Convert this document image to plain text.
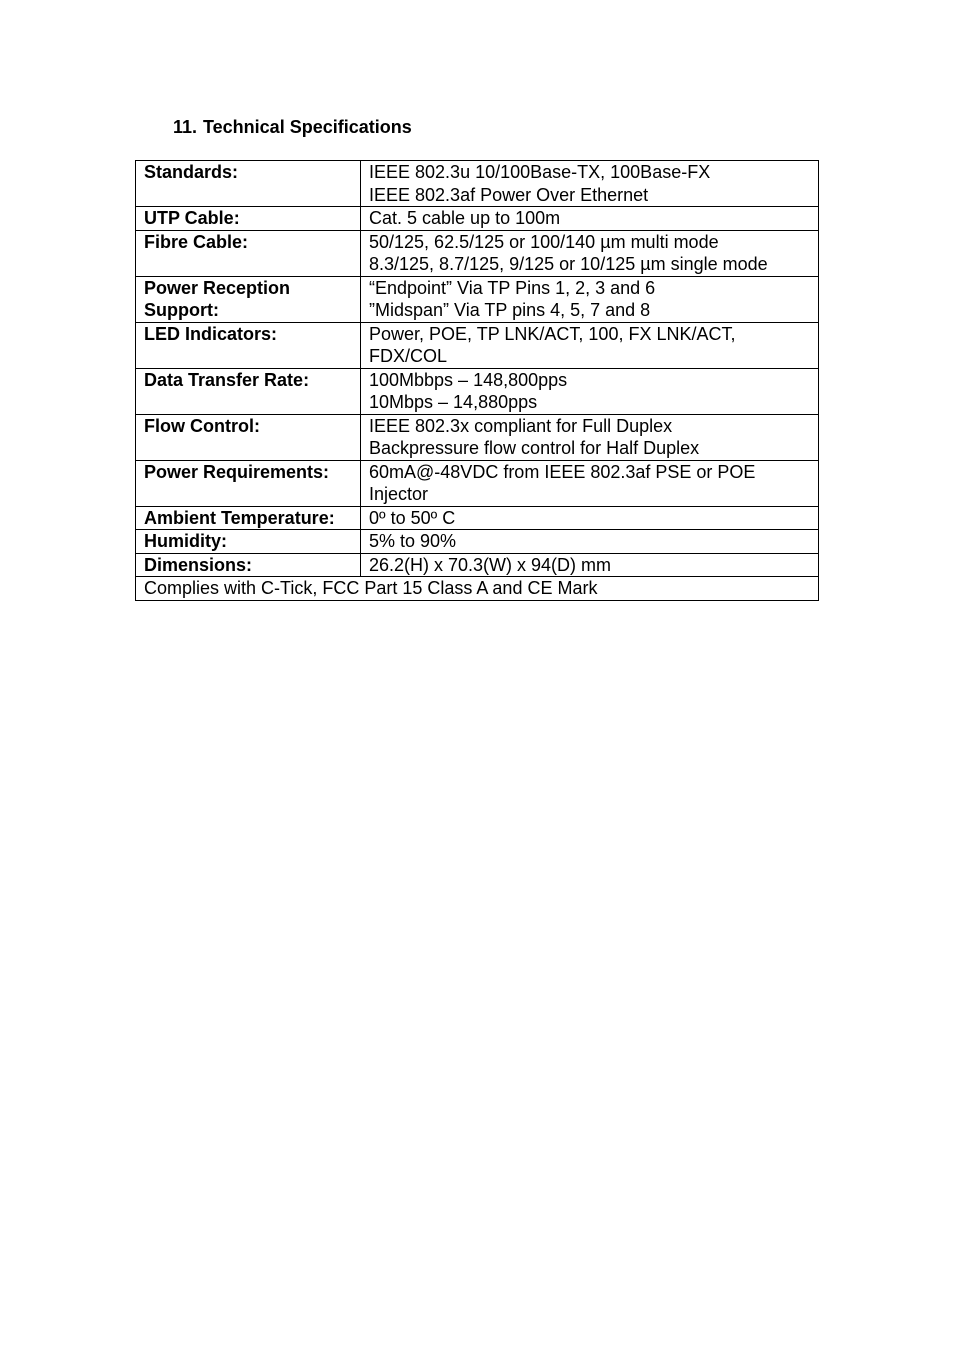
11. Technical Specifications
Standards:	IEEE 802.3u 10/100Base-TX, 100Base-FX
IEEE 802.3af Power Over Ethernet

UTP Cable:	Cat. 5 cable up to 100m

Fibre Cable:	50/125, 62.5/125 or 100/140 µm multi mode
8.3/125, 8.7/125, 9/125 or 10/125 µm single mode

Power Reception Support:	“Endpoint” Via TP Pins 1, 2, 3 and 6
”Midspan” Via TP pins 4, 5, 7 and 8

LED Indicators:	Power, POE, TP LNK/ACT, 100, FX LNK/ACT,
FDX/COL

Data Transfer Rate:	100Mbbps – 148,800pps
10Mbps – 14,880pps

Flow Control:	IEEE 802.3x compliant for Full Duplex
Backpressure flow control for Half Duplex

Power Requirements:	60mA@-48VDC from IEEE 802.3af PSE or POE
Injector

Ambient Temperature:	0º to 50º C

Humidity:	5% to 90%

Dimensions:	26.2(H) x 70.3(W) x 94(D) mm

Complies with C-Tick, FCC Part 15 Class A and CE Mark	
